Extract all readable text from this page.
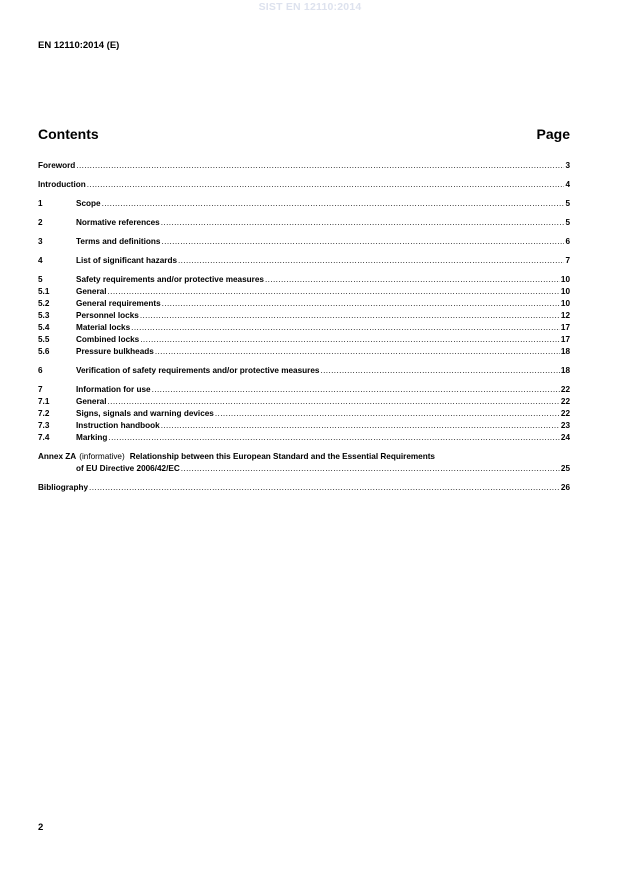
SIST EN 12110:2014
EN 12110:2014 (E)
Contents	Page
Foreword .....	3
Introduction .....	4
1	Scope .....	5
2	Normative references .....	5
3	Terms and definitions .....	6
4	List of significant hazards .....	7
5	Safety requirements and/or protective measures .....	10
5.1	General .....	10
5.2	General requirements .....	10
5.3	Personnel locks .....	12
5.4	Material locks .....	17
5.5	Combined locks .....	17
5.6	Pressure bulkheads .....	18
6	Verification of safety requirements and/or protective measures .....	18
7	Information for use .....	22
7.1	General .....	22
7.2	Signs, signals and warning devices .....	22
7.3	Instruction handbook .....	23
7.4	Marking .....	24
Annex ZA (informative) Relationship between this European Standard and the Essential Requirements
of EU Directive 2006/42/EC .....	25
Bibliography .....	26
2
